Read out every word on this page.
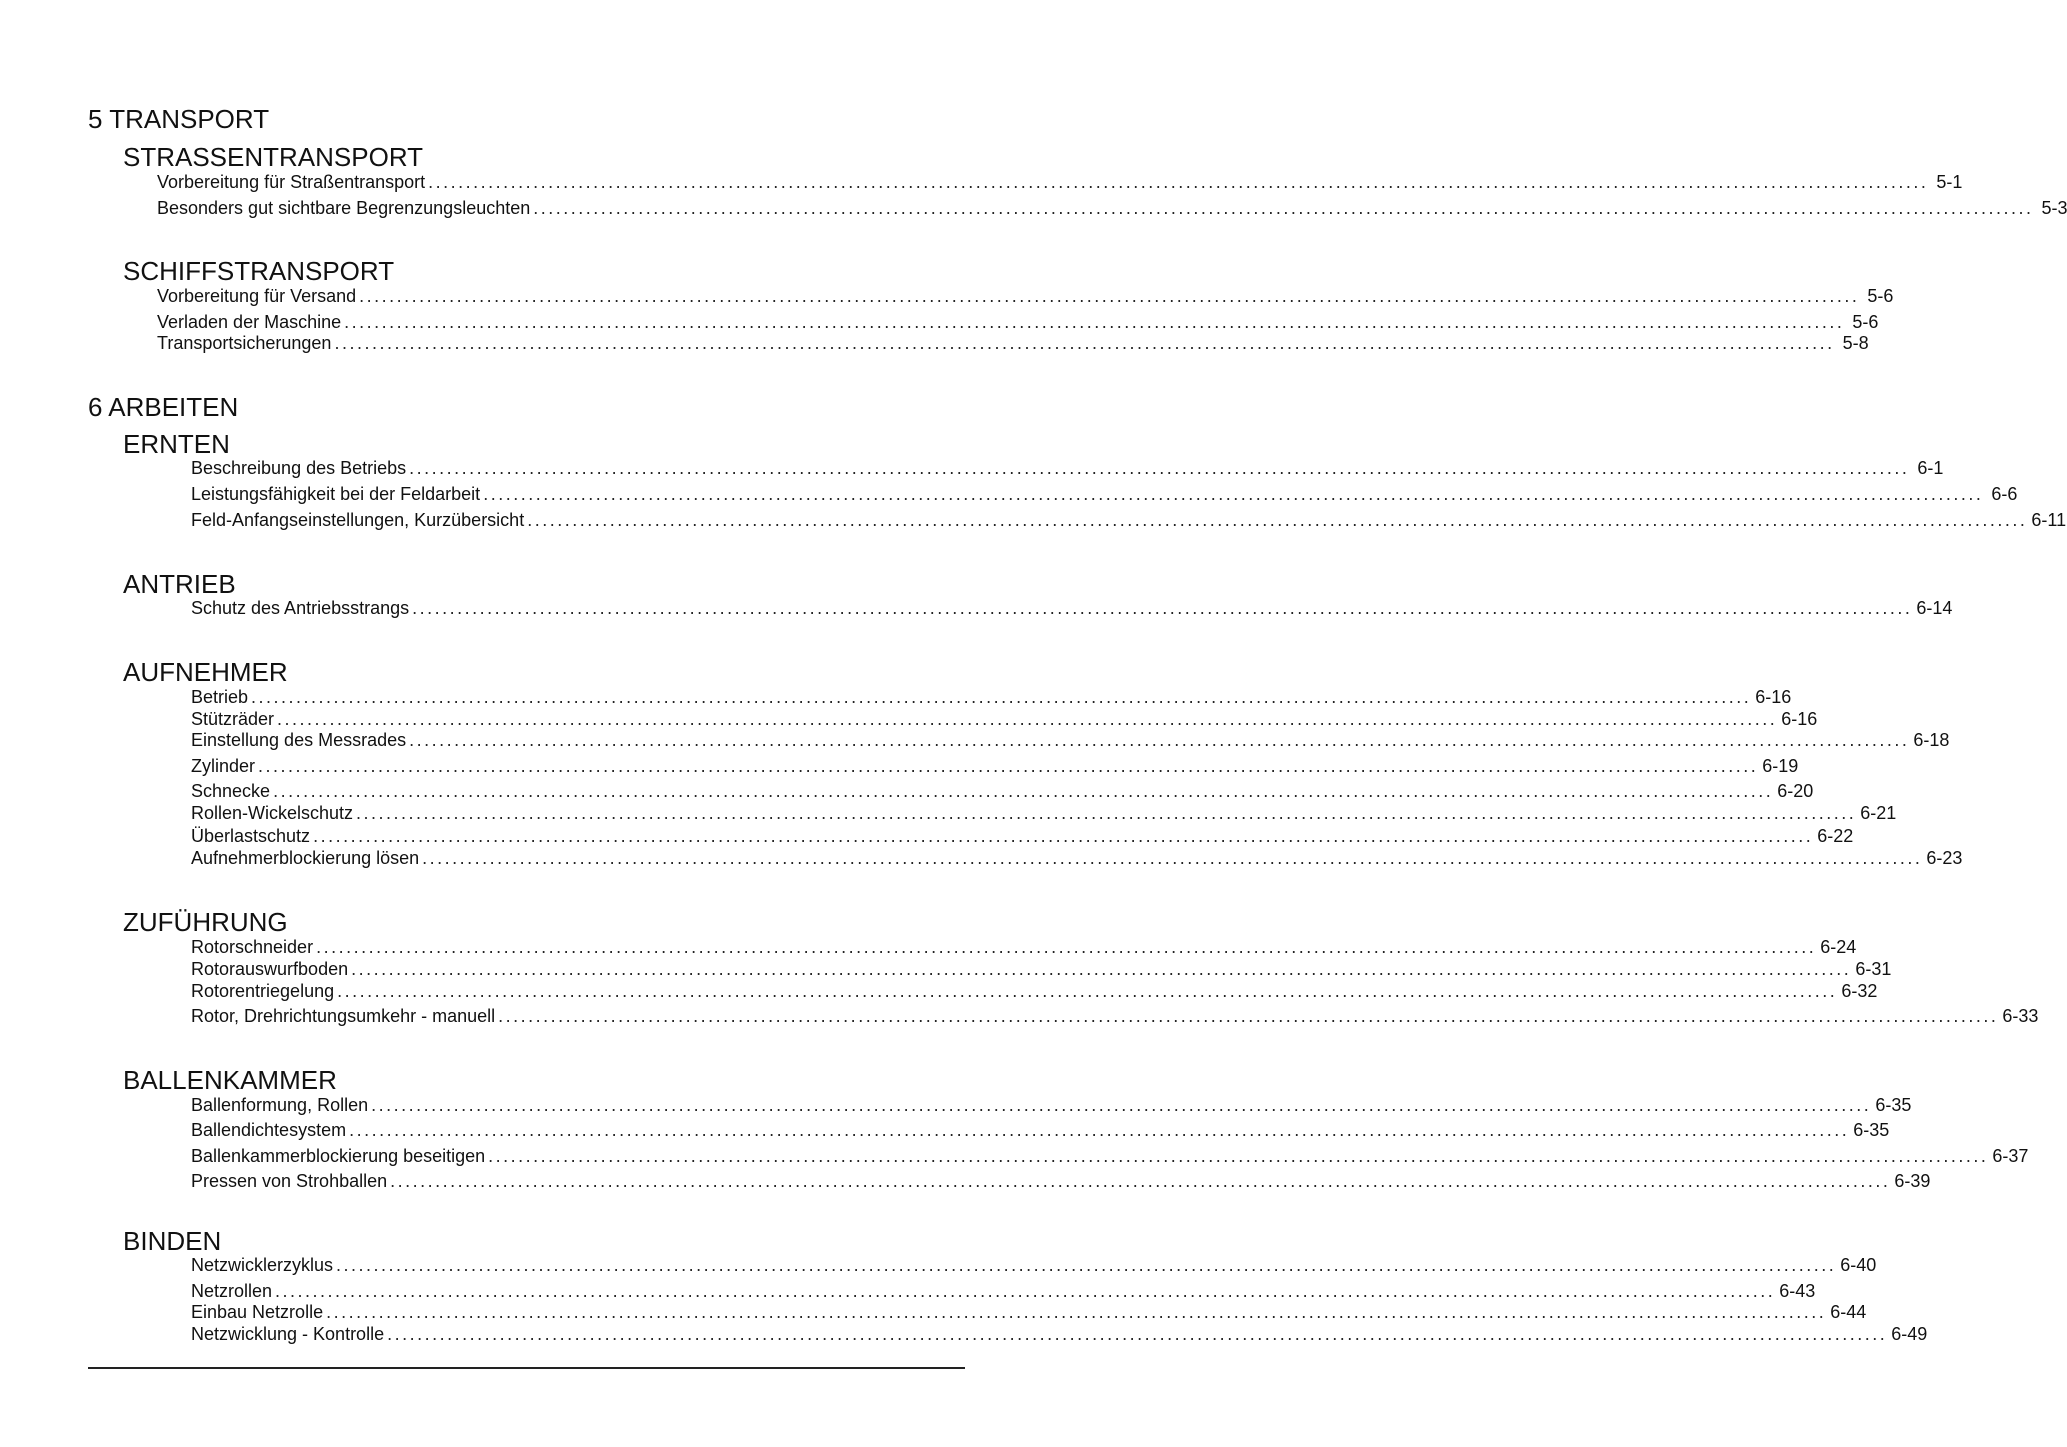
5 TRANSPORT
STRASSENTRANSPORT
Vorbereitung für Straßentransport ........................................................................................................................................................................................................ 5-1
Besonders gut sichtbare Begrenzungsleuchten ........................................................................................................................................................................................................ 5-3
SCHIFFSTRANSPORT
Vorbereitung für Versand ........................................................................................................................................................................................................ 5-6
Verladen der Maschine ........................................................................................................................................................................................................ 5-6
Transportsicherungen ........................................................................................................................................................................................................ 5-8
6 ARBEITEN
ERNTEN
Beschreibung des Betriebs ........................................................................................................................................................................................................ 6-1
Leistungsfähigkeit bei der Feldarbeit ........................................................................................................................................................................................................ 6-6
Feld-Anfangseinstellungen, Kurzübersicht ........................................................................................................................................................................................................ 6-11
ANTRIEB
Schutz des Antriebsstrangs ........................................................................................................................................................................................................ 6-14
AUFNEHMER
Betrieb ........................................................................................................................................................................................................ 6-16
Stützräder ........................................................................................................................................................................................................ 6-16
Einstellung des Messrades ........................................................................................................................................................................................................ 6-18
Zylinder ........................................................................................................................................................................................................ 6-19
Schnecke ........................................................................................................................................................................................................ 6-20
Rollen-Wickelschutz ........................................................................................................................................................................................................ 6-21
Überlastschutz ........................................................................................................................................................................................................ 6-22
Aufnehmerblockierung lösen ........................................................................................................................................................................................................ 6-23
ZUFÜHRUNG
Rotorschneider ........................................................................................................................................................................................................ 6-24
Rotorauswurfboden ........................................................................................................................................................................................................ 6-31
Rotorentriegelung ........................................................................................................................................................................................................ 6-32
Rotor, Drehrichtungsumkehr - manuell ........................................................................................................................................................................................................ 6-33
BALLENKAMMER
Ballenformung, Rollen ........................................................................................................................................................................................................ 6-35
Ballendichtesystem ........................................................................................................................................................................................................ 6-35
Ballenkammerblockierung beseitigen ........................................................................................................................................................................................................ 6-37
Pressen von Strohballen ........................................................................................................................................................................................................ 6-39
BINDEN
Netzwicklerzyklus ........................................................................................................................................................................................................ 6-40
Netzrollen ........................................................................................................................................................................................................ 6-43
Einbau Netzrolle ........................................................................................................................................................................................................ 6-44
Netzwicklung - Kontrolle ........................................................................................................................................................................................................ 6-49
